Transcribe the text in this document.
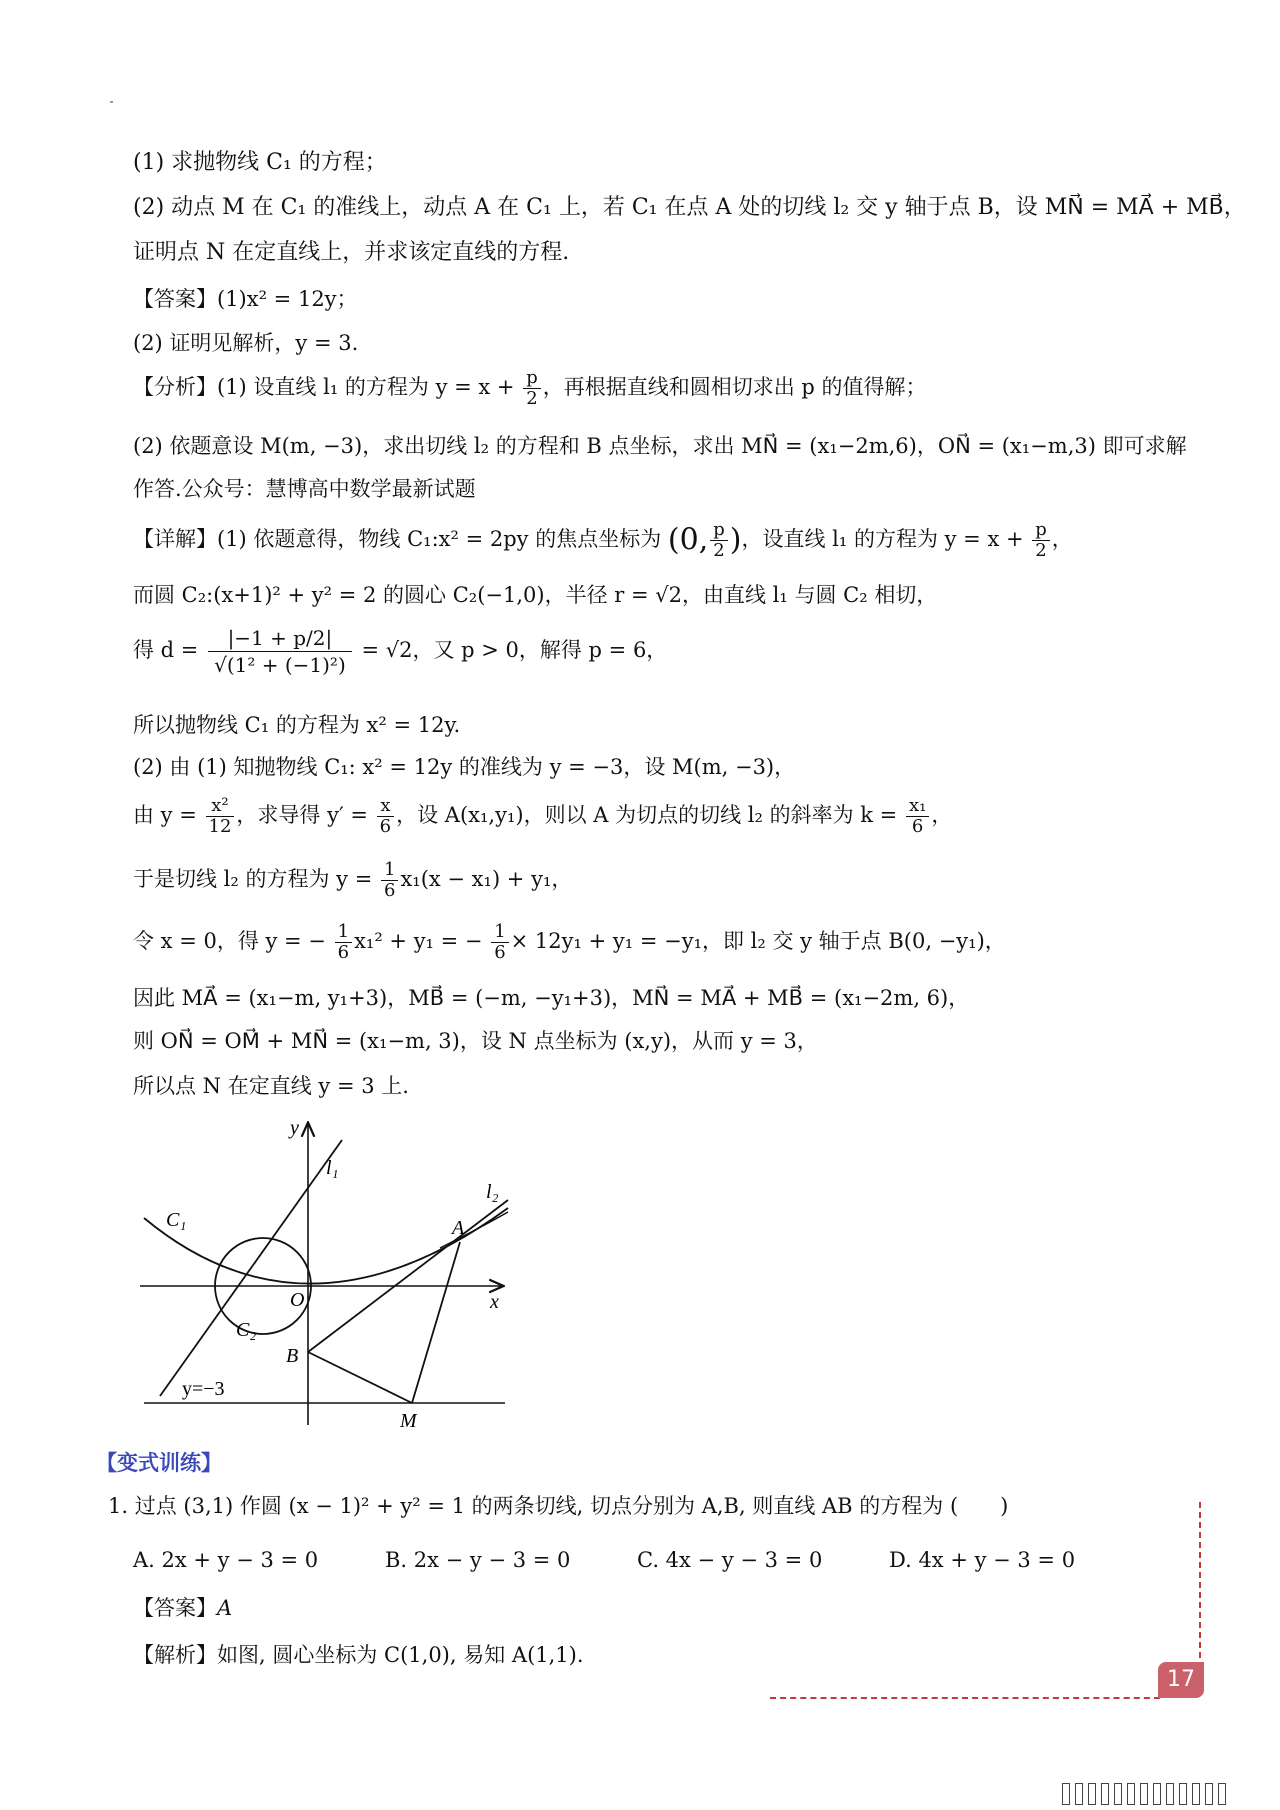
(1) 求抛物线 C₁ 的方程；
(2) 动点 M 在 C₁ 的准线上，动点 A 在 C₁ 上，若 C₁ 在点 A 处的切线 l₂ 交 y 轴于点 B，设 MN⃗ = MA⃗ + MB⃗，
证明点 N 在定直线上，并求该定直线的方程.
【答案】(1)x² = 12y；
(2) 证明见解析，y = 3.
【分析】(1) 设直线 l₁ 的方程为 $y = x + \frac{p}{2}$ ，再根据直线和圆相切求出 p 的值得解；
(2) 依题意设 M(m, −3)，求出切线 l₂ 的方程和 B 点坐标，求出 MN⃗ = (x₁−2m,6)，ON⃗ = (x₁−m,3) 即可求解
作答.公众号：慧博高中数学最新试题
【详解】(1) 依题意得，物线 C₁:x² = 2py 的焦点坐标为 (0, $\frac{p}{2}$ )，设直线 l₁ 的方程为 $y = x + \frac{p}{2}$ ，
而圆 C₂:(x+1)² + y² = 2 的圆心 C₂(−1,0)，半径 r = √2，由直线 l₁ 与圆 C₂ 相切，
得 $d = \frac{|-1 + p/2|}{\text{√(1² + (−1)²)}} = √2$，又 p > 0，解得 p = 6，
所以抛物线 C₁ 的方程为 x² = 12y.
(2) 由 (1) 知抛物线 C₁: x² = 12y 的准线为 y = −3，设 M(m, −3)，
由 $y = \frac{\text{x²}}{12}$ ，求导得 $y' = \frac{x}{6}$ ，设 A(x₁,y₁)，则以 A 为切点的切线 l₂ 的斜率为 $k = \frac{\text{x₁}}{6}$ ，
于是切线 l₂ 的方程为 $y = \frac{1}{6} x_1(x - x_1) + y_1$，
令 x = 0，得 y = − $\frac{1}{6} x_1^2 + y_1$ = − $\frac{1}{6} \times 12y_1 + y_1 = -y_1$，即 l₂ 交 y 轴于点 B(0, −y₁)，
因此 MA⃗ = (x₁−m, y₁+3)，MB⃗ = (−m, −y₁+3)，MN⃗ = MA⃗ + MB⃗ = (x₁−2m, 6)，
则 ON⃗ = OM⃗ + MN⃗ = (x₁−m, 3)，设 N 点坐标为 (x,y)，从而 y = 3，
所以点 N 在定直线 y = 3 上.
y
x
O
l₁
l₂
C₁
C₂
A
B
M
y=−3
【变式训练】
1. 过点 (3,1) 作圆 (x − 1)² + y² = 1 的两条切线, 切点分别为 A,B, 则直线 AB 的方程为 (　　)
A. 2x + y − 3 = 0	B. 2x − y − 3 = 0	C. 4x − y − 3 = 0	D. 4x + y − 3 = 0
【答案】A
【解析】如图, 圆心坐标为 C(1,0), 易知 A(1,1).
17
